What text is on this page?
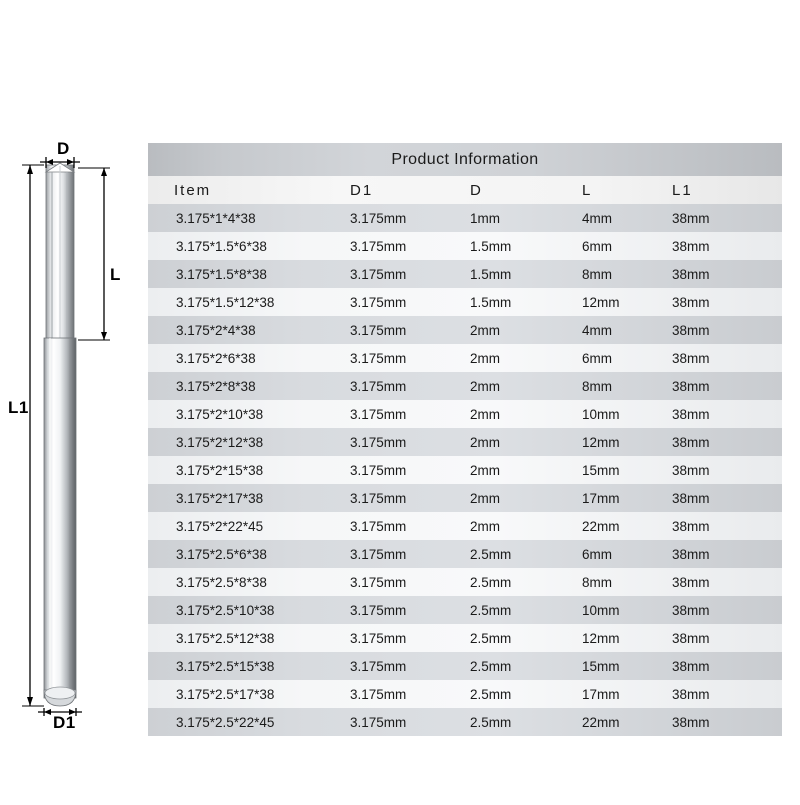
D
L
L1
D1
Product Information
Item	D1	D	L	L1
3.175*1*4*38	3.175mm	1mm	4mm	38mm
3.175*1.5*6*38	3.175mm	1.5mm	6mm	38mm
3.175*1.5*8*38	3.175mm	1.5mm	8mm	38mm
3.175*1.5*12*38	3.175mm	1.5mm	12mm	38mm
3.175*2*4*38	3.175mm	2mm	4mm	38mm
3.175*2*6*38	3.175mm	2mm	6mm	38mm
3.175*2*8*38	3.175mm	2mm	8mm	38mm
3.175*2*10*38	3.175mm	2mm	10mm	38mm
3.175*2*12*38	3.175mm	2mm	12mm	38mm
3.175*2*15*38	3.175mm	2mm	15mm	38mm
3.175*2*17*38	3.175mm	2mm	17mm	38mm
3.175*2*22*45	3.175mm	2mm	22mm	38mm
3.175*2.5*6*38	3.175mm	2.5mm	6mm	38mm
3.175*2.5*8*38	3.175mm	2.5mm	8mm	38mm
3.175*2.5*10*38	3.175mm	2.5mm	10mm	38mm
3.175*2.5*12*38	3.175mm	2.5mm	12mm	38mm
3.175*2.5*15*38	3.175mm	2.5mm	15mm	38mm
3.175*2.5*17*38	3.175mm	2.5mm	17mm	38mm
3.175*2.5*22*45	3.175mm	2.5mm	22mm	38mm
